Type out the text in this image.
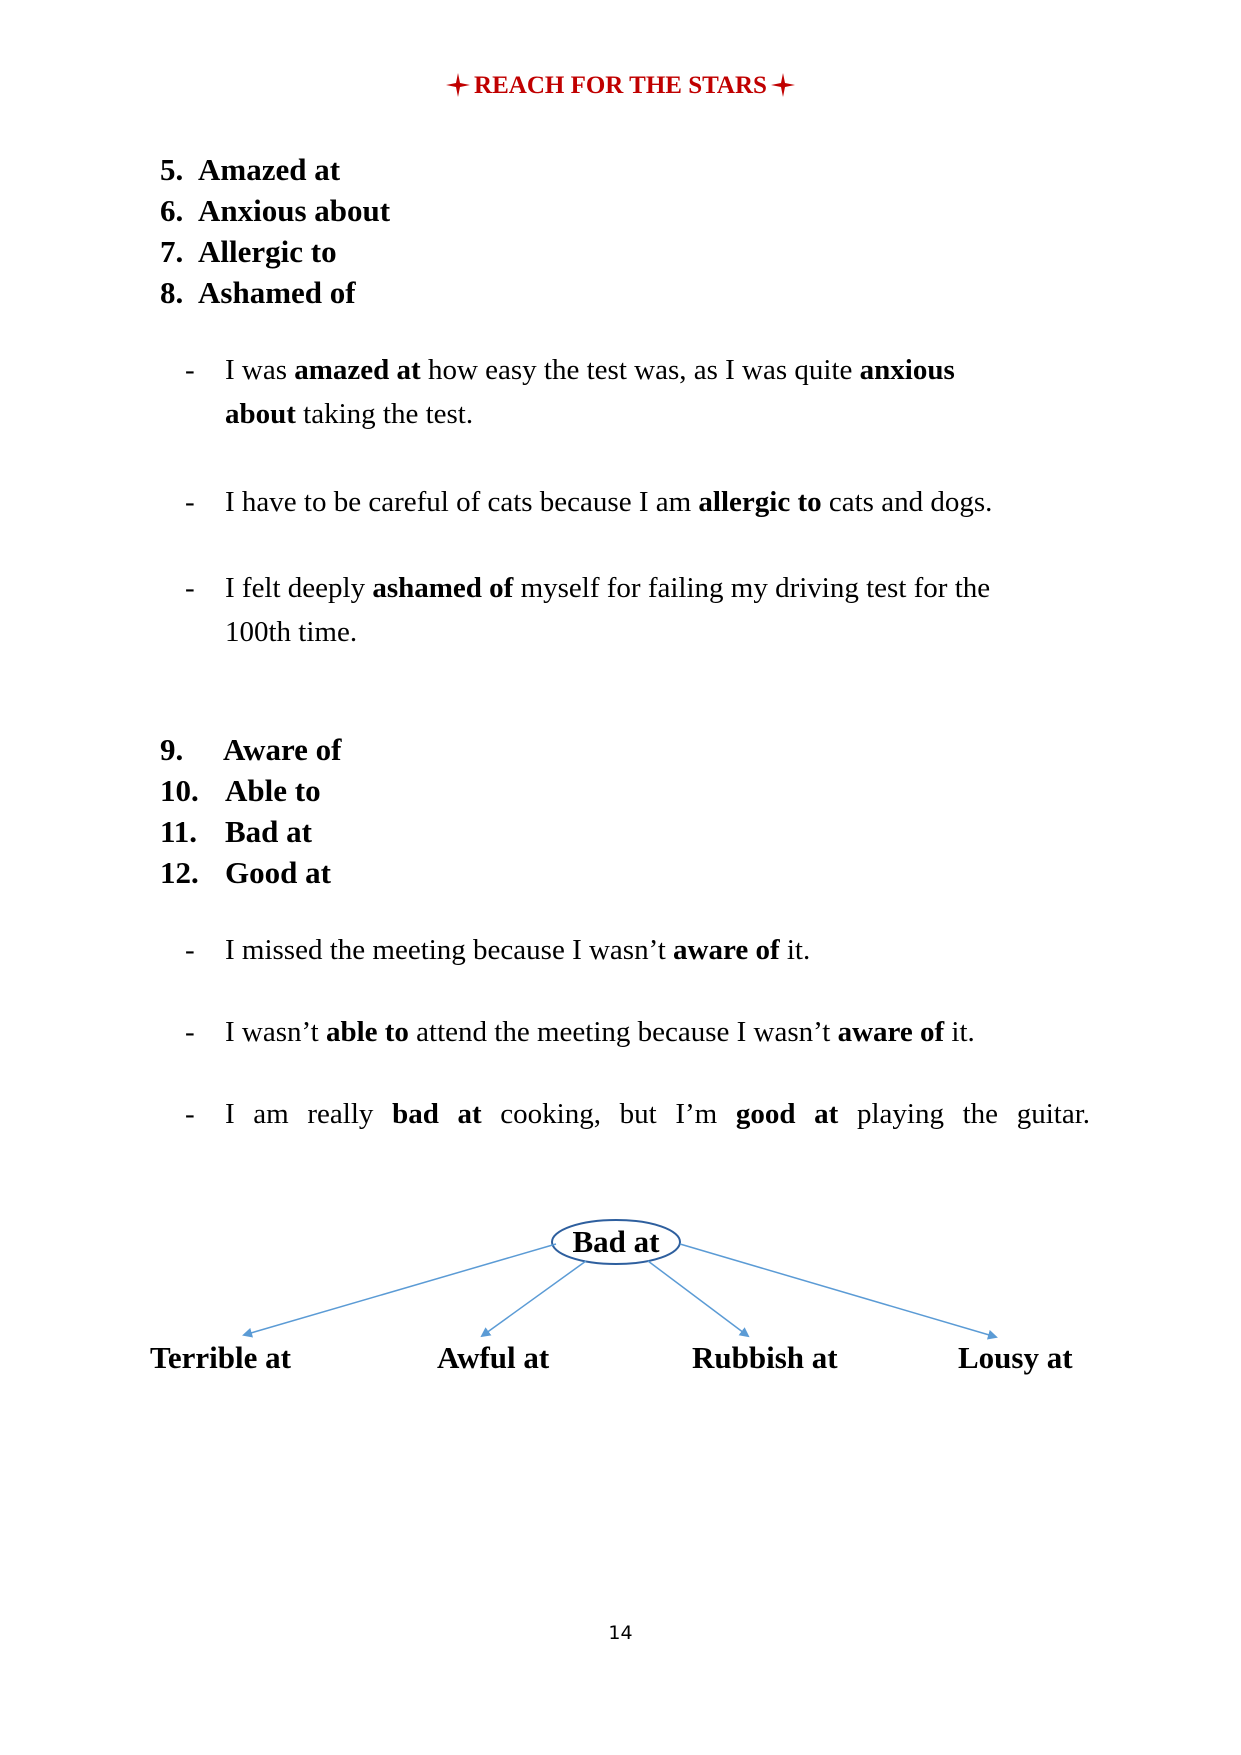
REACH FOR THE STARS
5. Amazed at
6. Anxious about
7. Allergic to
8. Ashamed of
- I was amazed at how easy the test was, as I was quite anxious
about taking the test.
- I have to be careful of cats because I am allergic to cats and dogs.
- I felt deeply ashamed of myself for failing my driving test for the
100th time.
9. Aware of
10. Able to
11. Bad at
12. Good at
- I missed the meeting because I wasn’t aware of it.
- I wasn’t able to attend the meeting because I wasn’t aware of it.
- I am really bad at cooking, but I’m good at playing the guitar.
Bad at
Terrible at	Awful at	Rubbish at	Lousy at
14
